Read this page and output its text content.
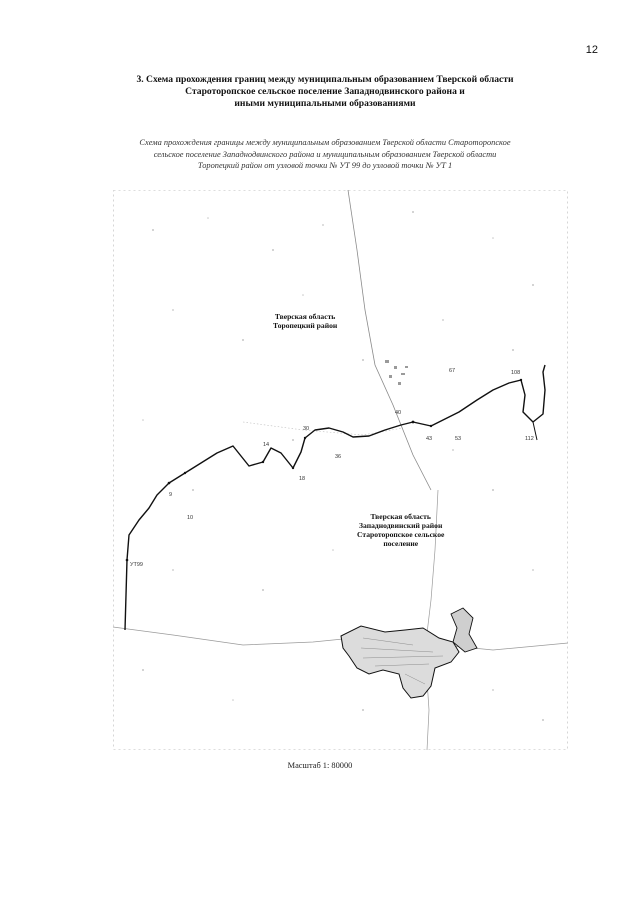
12
3. Схема прохождения границ между муниципальным образованием Тверской области
Староторопское сельское поселение Западнодвинского района и
иными муниципальными образованиями
Схема прохождения границы между муниципальным образованием Тверской области Староторопское
сельское поселение Западнодвинского района и муниципальным образованием Тверской области
Торопецкий район от узловой точки № УТ 99 до узловой точки № УТ 1
Тверская область
Торопецкий район
Тверская область
Западнодвинский район
Староторопское сельское
поселение
9
10
14
18
30
36
40
43	53
67	108
112
УТ99
Масштаб 1: 80000
